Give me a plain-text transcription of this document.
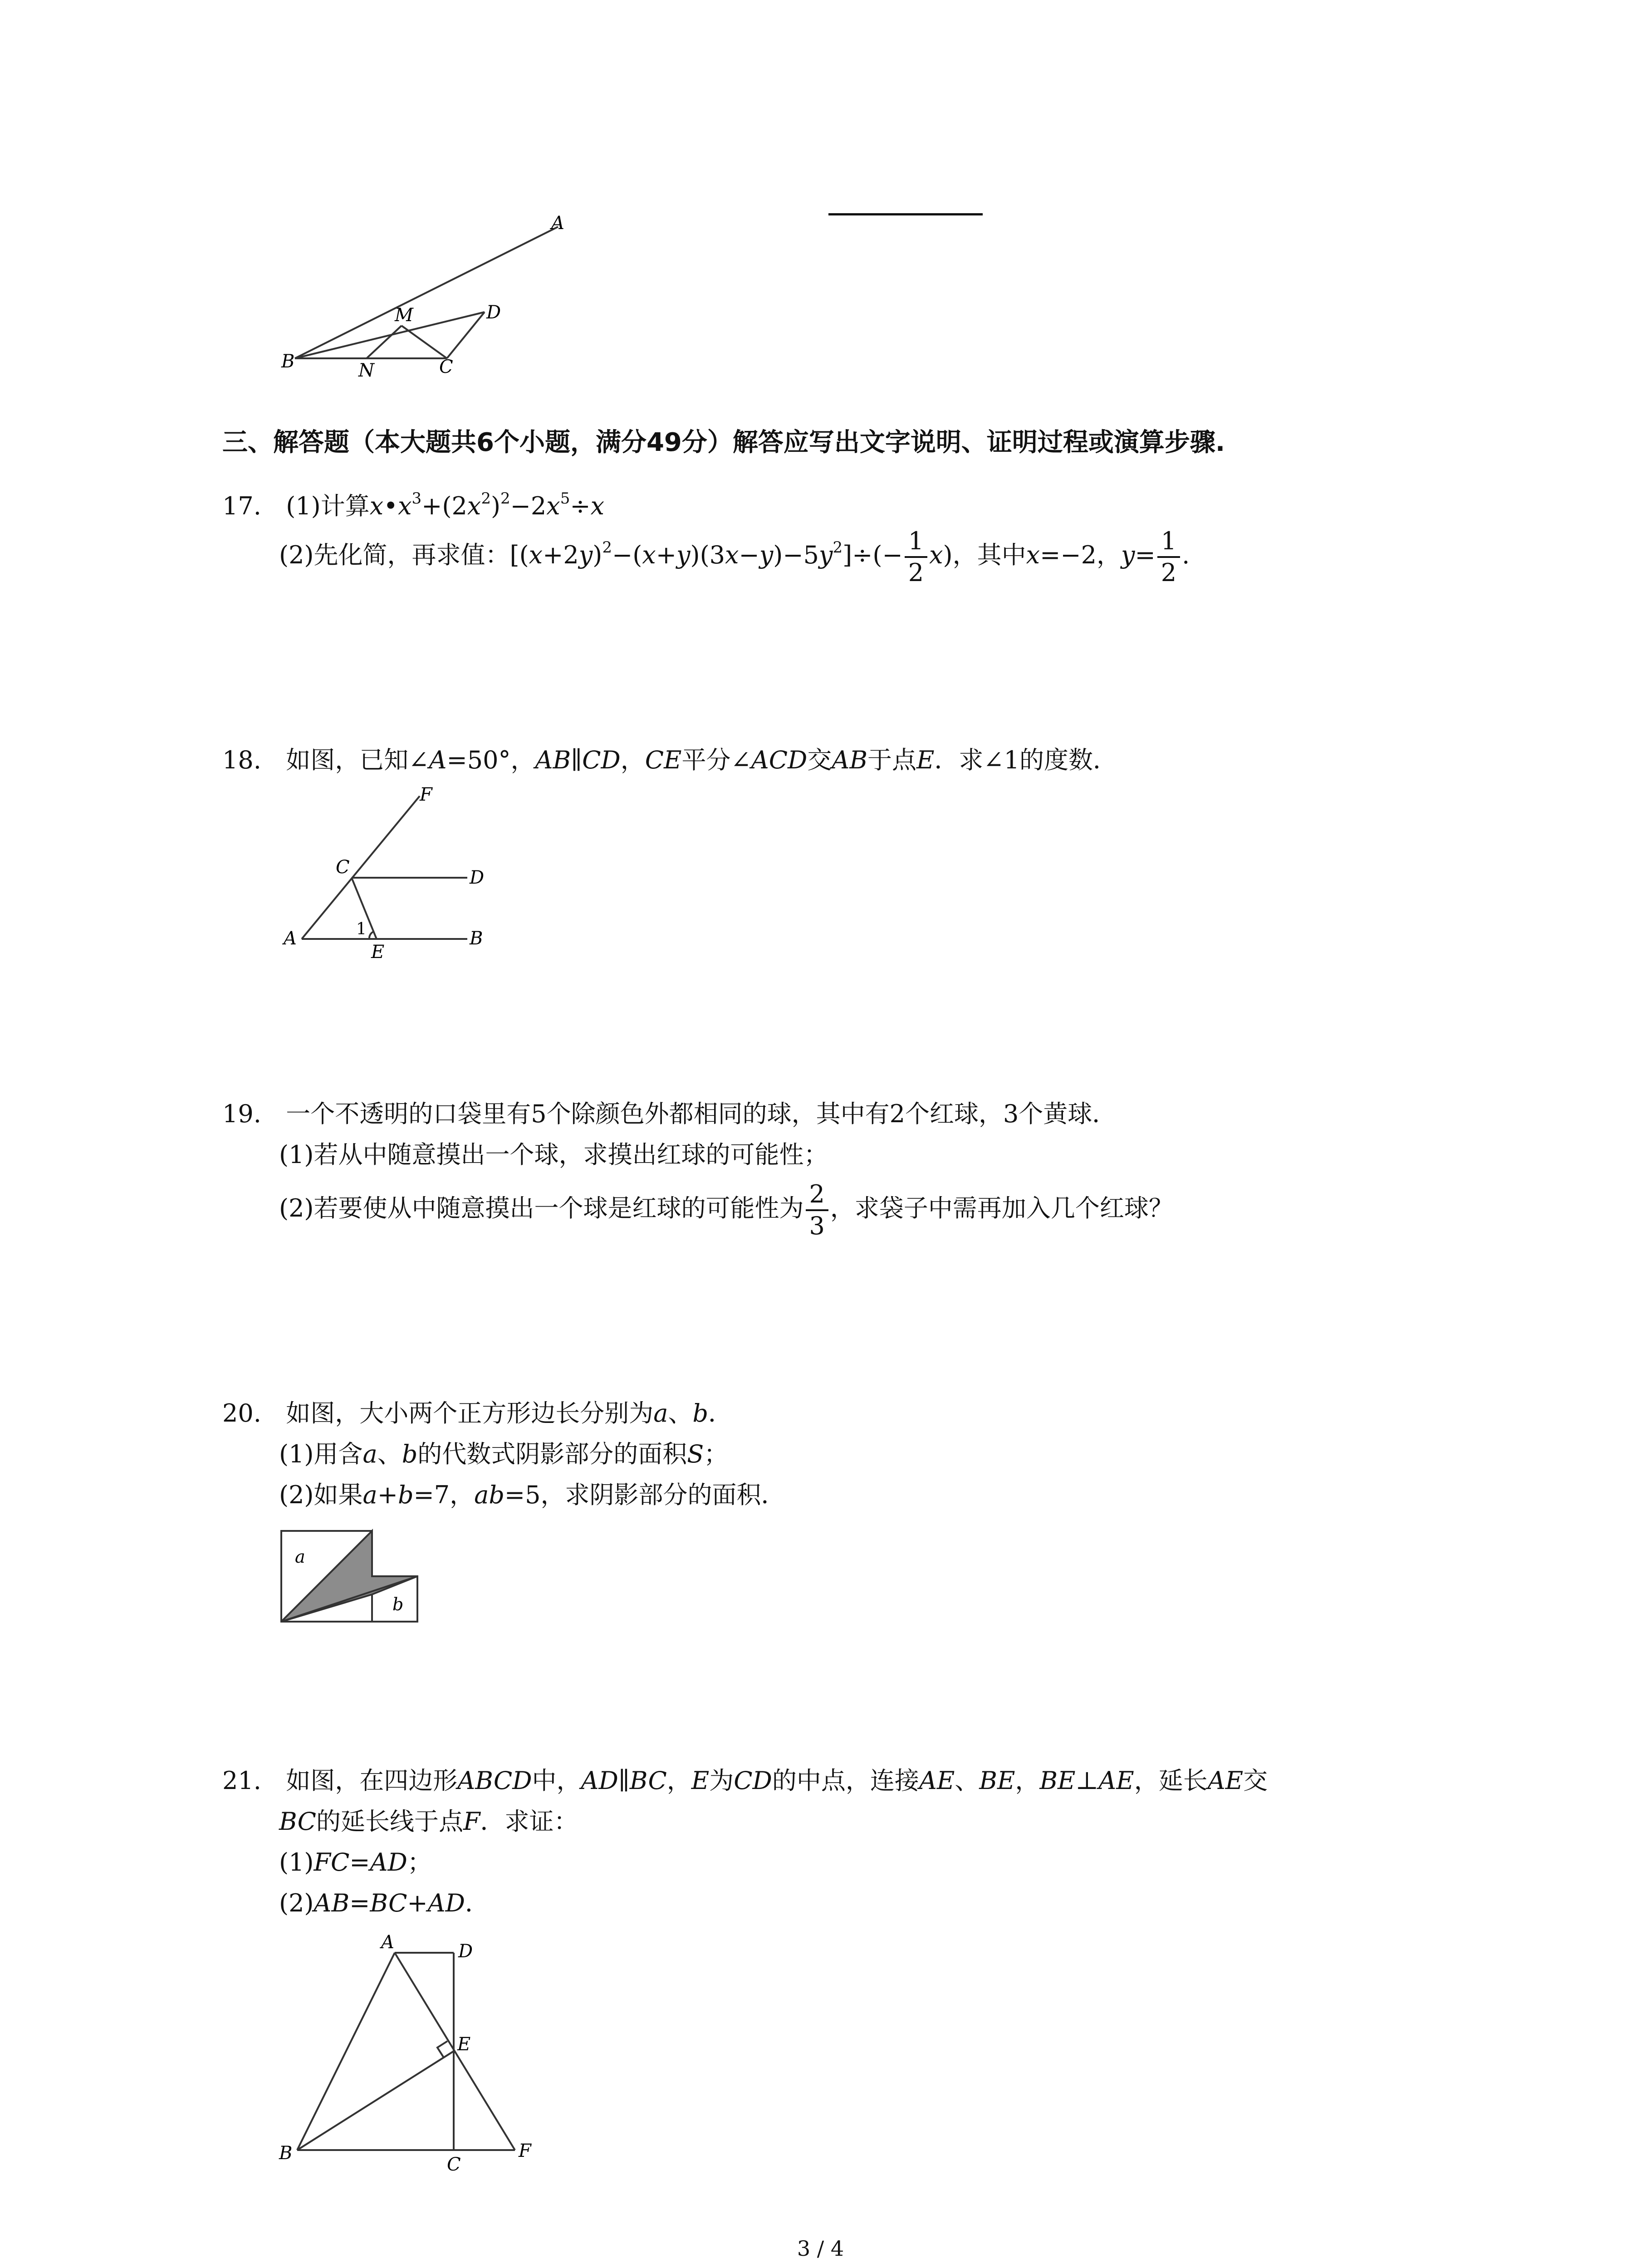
A
B	N	C
M	D
三、解答题（本大题共6个小题，满分49分）解答应写出文字说明、证明过程或演算步骤.
17. (1)计算$x•x^3+(2x^2)^2-2x^5\div x$
(2)先化简，再求值：$[(x+2y)^2-(x+y)(3x-y)-5y^2]\div(- \frac{1}{2} x)$，其中x=−2，$y= \frac{1}{2}$ .
18. 如图，已知∠A=50°，AB∥CD，CE平分∠ACD交AB于点E．求∠1的度数．
F
C	D
A	1
E
B
19. 一个不透明的口袋里有5个除颜色外都相同的球，其中有2个红球，3个黄球．
(1)若从中随意摸出一个球，求摸出红球的可能性；
(2)若要使从中随意摸出一个球是红球的可能性为 $\frac{2}{3}$ ，求袋子中需再加入几个红球？
20. 如图，大小两个正方形边长分别为a、b．
(1)用含a、b的代数式阴影部分的面积S；
(2)如果a+b=7，ab=5，求阴影部分的面积．
a
b
21. 如图，在四边形ABCD中，AD∥BC，E为CD的中点，连接AE、BE，BE⊥AE，延长AE交
BC的延长线于点F．求证：
(1)FC=AD；
(2)AB=BC+AD．
A	D
E
B
C
F
3 / 4
